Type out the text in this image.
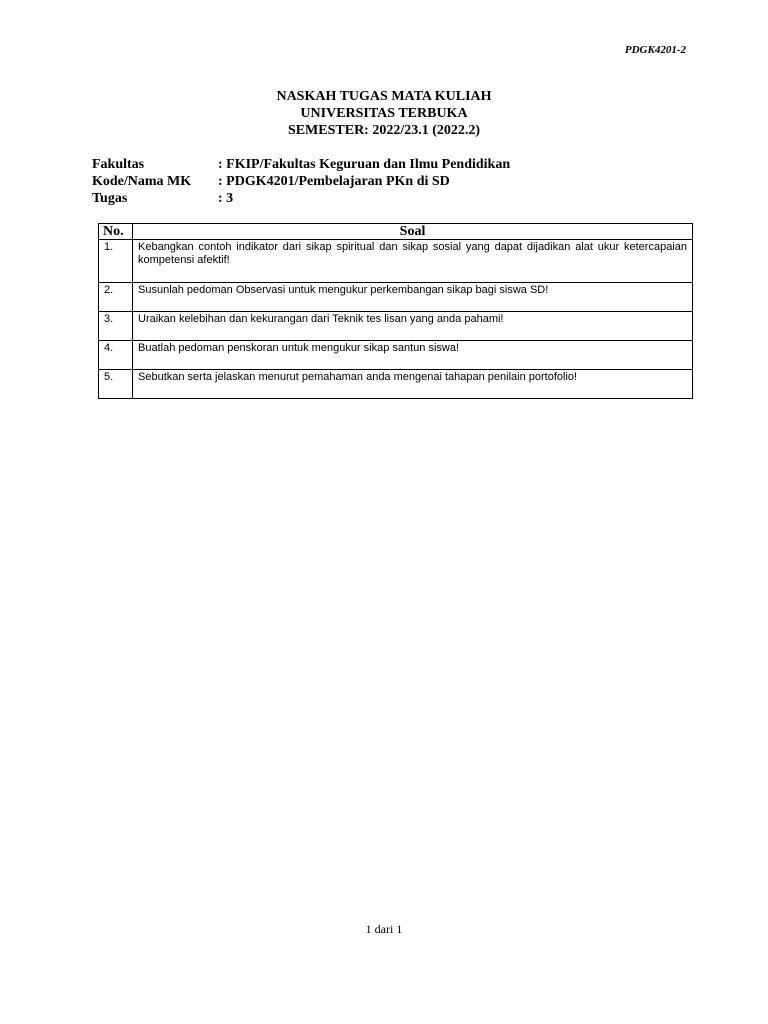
PDGK4201-2
NASKAH TUGAS MATA KULIAH
UNIVERSITAS TERBUKA
SEMESTER: 2022/23.1 (2022.2)
Fakultas	: FKIP/Fakultas Keguruan dan Ilmu Pendidikan
Kode/Nama MK	: PDGK4201/Pembelajaran PKn di SD
Tugas	: 3
No.	Soal
1.	Kebangkan contoh indikator dari sikap spiritual dan sikap sosial yang dapat dijadikan alat ukur ketercapaian kompetensi afektif!
2.	Susunlah pedoman Observasi untuk mengukur perkembangan sikap bagi siswa SD!
3.	Uraikan kelebihan dan kekurangan dari Teknik tes lisan yang anda pahami!
4.	Buatlah pedoman penskoran untuk mengukur sikap santun siswa!
5.	Sebutkan serta jelaskan menurut pemahaman anda mengenai tahapan penilain portofolio!
1 dari 1
